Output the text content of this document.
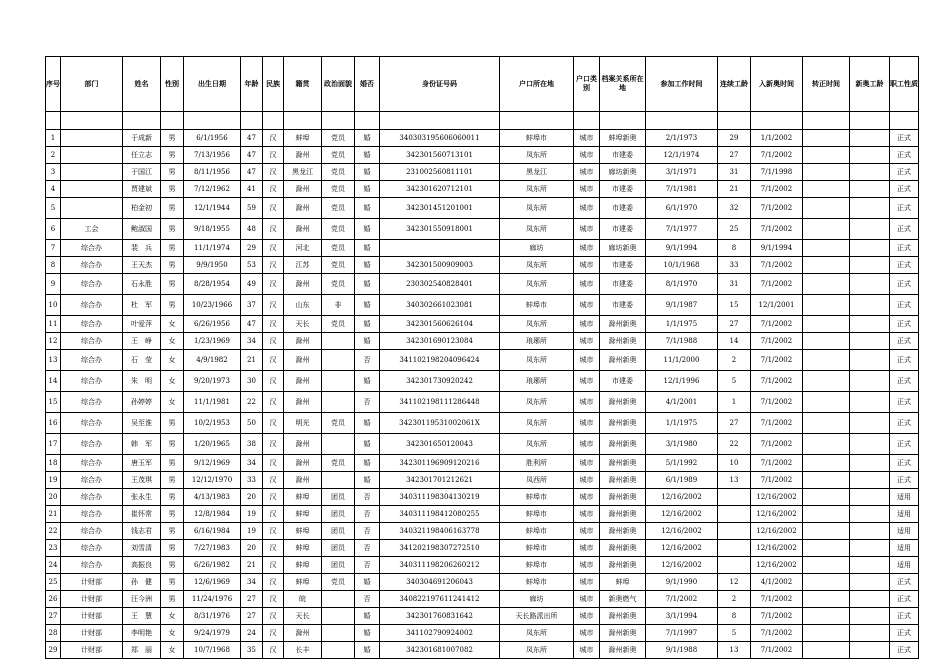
序号	部门	姓名	性别	出生日期	年龄	民族	籍贯	政治面貌	婚否	身份证号码	户口所在地	户口类别	档案关系所在地	参加工作时间	连续工龄	入新奥时间	转正时间	新奥工龄	职工性质

1		于成新	男	6/1/1956	47	汉	蚌埠	党员	婚	340303195606060011	蚌埠市	城市	蚌埠新奥	2/1/1973	29	1/1/2002			正式
2		任立志	男	7/13/1956	47	汉	滁州	党员	婚	342301560713101	凤东所	城市	市建委	12/1/1974	27	7/1/2002			正式
3		于国江	男	8/11/1956	47	汉	黑龙江	党员	婚	231002560811101	黑龙江	城市	廊坊新奥	3/1/1971	31	7/1/1998			正式
4		贾建斌	男	7/12/1962	41	汉	滁州	党员	婚	342301620712101	凤东所	城市	市建委	7/1/1981	21	7/1/2002			正式
5		柏金初	男	12/1/1944	59	汉	滁州	党员	婚	342301451201001	凤东所	城市	市建委	6/1/1970	32	7/1/2002			正式
6	工会	鲍淑国	男	9/18/1955	48	汉	滁州	党员	婚	342301550918001	凤东所	城市	市建委	7/1/1977	25	7/1/2002			正式
7	综合办	裴　兵	男	11/1/1974	29	汉	河北	党员	婚		廊坊	城市	廊坊新奥	9/1/1994	8	9/1/1994			正式
8	综合办	王天杰	男	9/9/1950	53	汉	江苏	党员	婚	342301500909003	凤东所	城市	市建委	10/1/1968	33	7/1/2002			正式
9	综合办	石永胜	男	8/28/1954	49	汉	滁州	党员	婚	230302540828401	凤东所	城市	市建委	8/1/1970	31	7/1/2002			正式
10	综合办	杜　军	男	10/23/1966	37	汉	山东	非	婚	340302661023081	蚌埠市	城市	市建委	9/1/1987	15	12/1/2001			正式
11	综合办	叶爱萍	女	6/26/1956	47	汉	天长	党员	婚	342301560626104	凤东所	城市	滁州新奥	1/1/1975	27	7/1/2002			正式
12	综合办	王　峥	女	1/23/1969	34	汉	滁州		婚	342301690123084	琅琊所	城市	滁州新奥	7/1/1988	14	7/1/2002			正式
13	综合办	石　莹	女	4/9/1982	21	汉	滁州		否	341102198204096424	凤东所	城市	滁州新奥	11/1/2000	2	7/1/2002			正式
14	综合办	朱　明	女	9/20/1973	30	汉	滁州		婚	342301730920242	琅琊所	城市	市建委	12/1/1996	5	7/1/2002			正式
15	综合办	孙婷婷	女	11/1/1981	22	汉	滁州		否	341102198111286448	凤东所	城市	滁州新奥	4/1/2001	1	7/1/2002			正式
16	综合办	吴至淮	男	10/2/1953	50	汉	明光	党员	婚	34230119531002061X	凤东所	城市	滁州新奥	1/1/1975	27	7/1/2002			正式
17	综合办	韩　军	男	1/20/1965	38	汉	滁州		婚	342301650120043	凤东所	城市	滁州新奥	3/1/1980	22	7/1/2002			正式
18	综合办	唐玉军	男	9/12/1969	34	汉	滁州	党员	婚	342301196909120216	胜利所	城市	滁州新奥	5/1/1992	10	7/1/2002			正式
19	综合办	王茂琪	男	12/12/1970	33	汉	滁州		婚	342301701212621	凤西所	城市	滁州新奥	6/1/1989	13	7/1/2002			正式
20	综合办	张永生	男	4/13/1983	20	汉	蚌埠	团员	否	340311198304130219	蚌埠市	城市	滁州新奥	12/16/2002		12/16/2002			适用
21	综合办	崔怀常	男	12/8/1984	19	汉	蚌埠	团员	否	340311198412080255	蚌埠市	城市	滁州新奥	12/16/2002		12/16/2002			适用
22	综合办	钱志君	男	6/16/1984	19	汉	蚌埠	团员	否	340321198406163778	蚌埠市	城市	滁州新奥	12/16/2002		12/16/2002			适用
23	综合办	刘雪清	男	7/27/1983	20	汉	蚌埠	团员	否	341202198307272510	蚌埠市	城市	滁州新奥	12/16/2002		12/16/2002			适用
24	综合办	高振良	男	6/26/1982	21	汉	蚌埠	团员	否	340311198206260212	蚌埠市	城市	滁州新奥	12/16/2002		12/16/2002			适用
25	计财部	孙　健	男	12/6/1969	34	汉	蚌埠	党员	婚	340304691206043	蚌埠市	城市	蚌埠	9/1/1990	12	4/1/2002			正式
26	计财部	汪今洲	男	11/24/1976	27	汉	皖		否	340822197611241412	廊坊	城市	新奥燃气	7/1/2002	2	7/1/2002			正式
27	计财部	王　慧	女	8/31/1976	27	汉	天长		婚	342301760831642	天长路派出所	城市	滁州新奥	3/1/1994	8	7/1/2002			正式
28	计财部	李明艳	女	9/24/1979	24	汉	滁州		婚	341102790924002	凤东所	城市	滁州新奥	7/1/1997	5	7/1/2002			正式
29	计财部	郑　丽	女	10/7/1968	35	汉	长丰		婚	342301681007082	凤东所	城市	滁州新奥	9/1/1988	13	7/1/2002			正式
